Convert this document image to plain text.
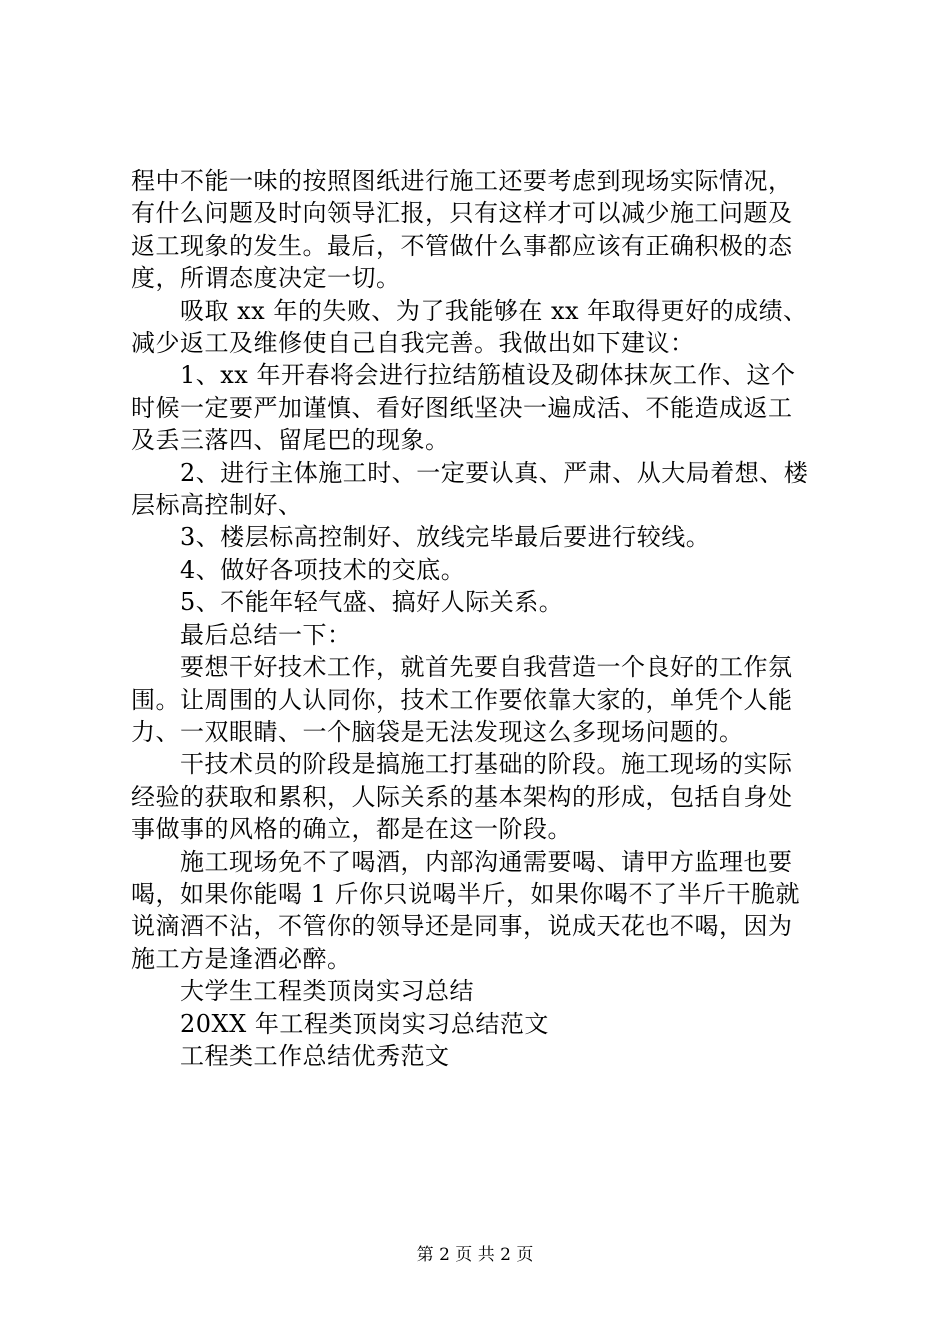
程中不能一味的按照图纸进行施工还要考虑到现场实际情况，
有什么问题及时向领导汇报，只有这样才可以减少施工问题及
返工现象的发生。最后，不管做什么事都应该有正确积极的态
度，所谓态度决定一切。

吸取 xx 年的失败、为了我能够在 xx 年取得更好的成绩、
减少返工及维修使自己自我完善。我做出如下建议：

1、xx 年开春将会进行拉结筋植设及砌体抹灰工作、这个
时候一定要严加谨慎、看好图纸坚决一遍成活、不能造成返工
及丢三落四、留尾巴的现象。

2、进行主体施工时、一定要认真、严肃、从大局着想、楼
层标高控制好、

3、楼层标高控制好、放线完毕最后要进行较线。

4、做好各项技术的交底。

5、不能年轻气盛、搞好人际关系。

最后总结一下：

要想干好技术工作，就首先要自我营造一个良好的工作氛
围。让周围的人认同你，技术工作要依靠大家的，单凭个人能
力、一双眼睛、一个脑袋是无法发现这么多现场问题的。

干技术员的阶段是搞施工打基础的阶段。施工现场的实际
经验的获取和累积，人际关系的基本架构的形成，包括自身处
事做事的风格的确立，都是在这一阶段。

施工现场免不了喝酒，内部沟通需要喝、请甲方监理也要
喝，如果你能喝 1 斤你只说喝半斤，如果你喝不了半斤干脆就
说滴酒不沾，不管你的领导还是同事，说成天花也不喝，因为
施工方是逢酒必醉。

大学生工程类顶岗实习总结

20XX 年工程类顶岗实习总结范文

工程类工作总结优秀范文

第 2 页 共 2 页
